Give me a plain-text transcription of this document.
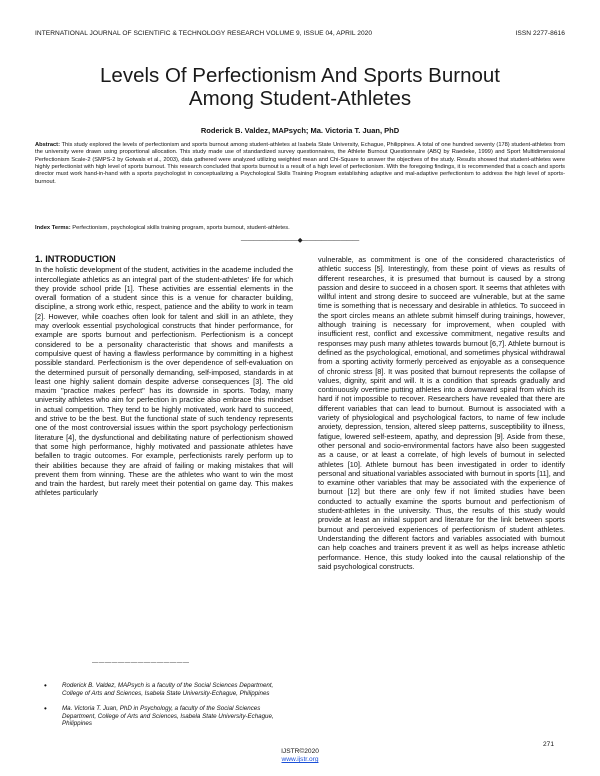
INTERNATIONAL JOURNAL OF SCIENTIFIC & TECHNOLOGY RESEARCH VOLUME 9, ISSUE 04, APRIL 2020	ISSN 2277-8616
Levels Of Perfectionism And Sports Burnout
Among Student-Athletes
Roderick B. Valdez, MAPsych; Ma. Victoria T. Juan, PhD
Abstract: This study explored the levels of perfectionism and sports burnout among student-athletes at Isabela State University, Echague, Philippines. A total of one hundred seventy (178) student-athletes from the university were drawn using proportional allocation. This study made use of standardized survey questionnaires, the Athlete Burnout Questionnaire (ABQ by Raedeke, 1999) and Sport Multidimensional Perfectionism Scale-2 (SMPS-2 by Gotwals et al., 2003), data gathered were analyzed utilizing weighted mean and Chi-Square to answer the objectives of the study. Results showed that student-athletes were highly perfectionist with high level of sports burnout. This research concluded that sports burnout is a result of a high level of perfectionism. With the foregoing findings, it is recommended that a coach and sports director must work hand-in-hand with a sports psychologist in conceptualizing a Psychological Skills Training Program establishing adaptive and mal-adaptive perfectionism to address the high level of sports-burnout.
Index Terms: Perfectionism, psychological skills training program, sports burnout, student-athletes.
—————————◆—————————
1. INTRODUCTION

In the holistic development of the student, activities in the academe included the intercollegiate athletics as an integral part of the student-athletes' life for which they provide school pride [1]. These activities are essential elements in the overall formation of a student since this is a venue for character building, discipline, a strong work ethic, respect, patience and the ability to work in team [2]. However, while coaches often look for talent and skill in an athlete, they may overlook essential psychological constructs that hinder performance, for example are sports burnout and perfectionism. Perfectionism is a concept considered to be a personality characteristic that shows and manifests a compulsive quest of having a flawless performance by committing in a highest possible standard. Perfectionism is the over dependence of self-evaluation on the determined pursuit of personally demanding, self-imposed, standards in at least one highly salient domain despite adverse consequences [3]. The old maxim "practice makes perfect" has its downside in sports. Today, many university athletes who aim for perfection in practice also embrace this mindset in actual competition. They tend to be highly motivated, work hard to succeed, and strive to be the best. But the functional state of such tendency represents one of the most controversial issues within the sport psychology perfectionism literature [4], the dysfunctional and debilitating nature of perfectionism showed that some high performance, highly motivated and passionate athletes have befallen to tragic outcomes. For example, perfectionists rarely perform up to their abilities because they are afraid of failing or making mistakes that will prevent them from winning. These are the athletes who want to win the most and train the hardest, but rarely meet their potential on game day. This makes athletes particularly

vulnerable, as commitment is one of the considered characteristics of athletic success [5]. Interestingly, from these point of views as results of different researches, it is presumed that burnout is caused by a strong passion and desire to succeed in a chosen sport. It seems that athletes with willful intent and strong desire to succeed are vulnerable, but at the same time is something that is necessary and desirable in athletics. To succeed in the sport circles means an athlete submit himself during trainings, however, although training is necessary for improvement, when coupled with insufficient rest, conflict and excessive commitment, negative results and responses may push many athletes towards burnout [6,7]. Athlete burnout is defined as the psychological, emotional, and sometimes physical withdrawal from a sporting activity formerly perceived as enjoyable as a consequence of chronic stress [8]. It was posited that burnout represents the collapse of values, dignity, spirit and will. It is a condition that spreads gradually and continuously overtime putting athletes into a downward spiral from which its hard if not impossible to recover. Researchers have revealed that there are different variables that can lead to burnout. Burnout is associated with a variety of physiological and psychological factors, to name of few include anxiety, depression, tension, altered sleep patterns, susceptibility to illness, fatigue, lowered self-esteem, apathy, and depression [9]. Aside from these, other personal and socio-environmental factors have also been suggested as a cause, or at least a correlate, of high levels of burnout in selected athletes [10]. Athlete burnout has been investigated in order to identify personal and situational variables associated with burnout in sports [11], and to examine other variables that may be associated with the experience of burnout [12] but there are only few if not limited studies have been conducted to actually examine the sports burnout and perfectionism of student-athletes in the university. Thus, the results of this study would provide at least an initial support and literature for the link between sports burnout and perceived experiences of perfectionism of student athletes. Understanding the different factors and variables associated with burnout can help coaches and trainers prevent it as well as helps increase athletic performance. Hence, this study looked into the causal relationship of the said psychological constructs.

———————————————
• Roderick B. Valdez, MAPsych is a faculty of the Social Sciences Department, College of Arts and Sciences, Isabela State University-Echague, Philippines
• Ma. Victoria T. Juan, PhD in Psychology, a faculty of the Social Sciences Department, College of Arts and Sciences, Isabela State University-Echague, Philippines
271
IJSTR©2020
www.ijstr.org
